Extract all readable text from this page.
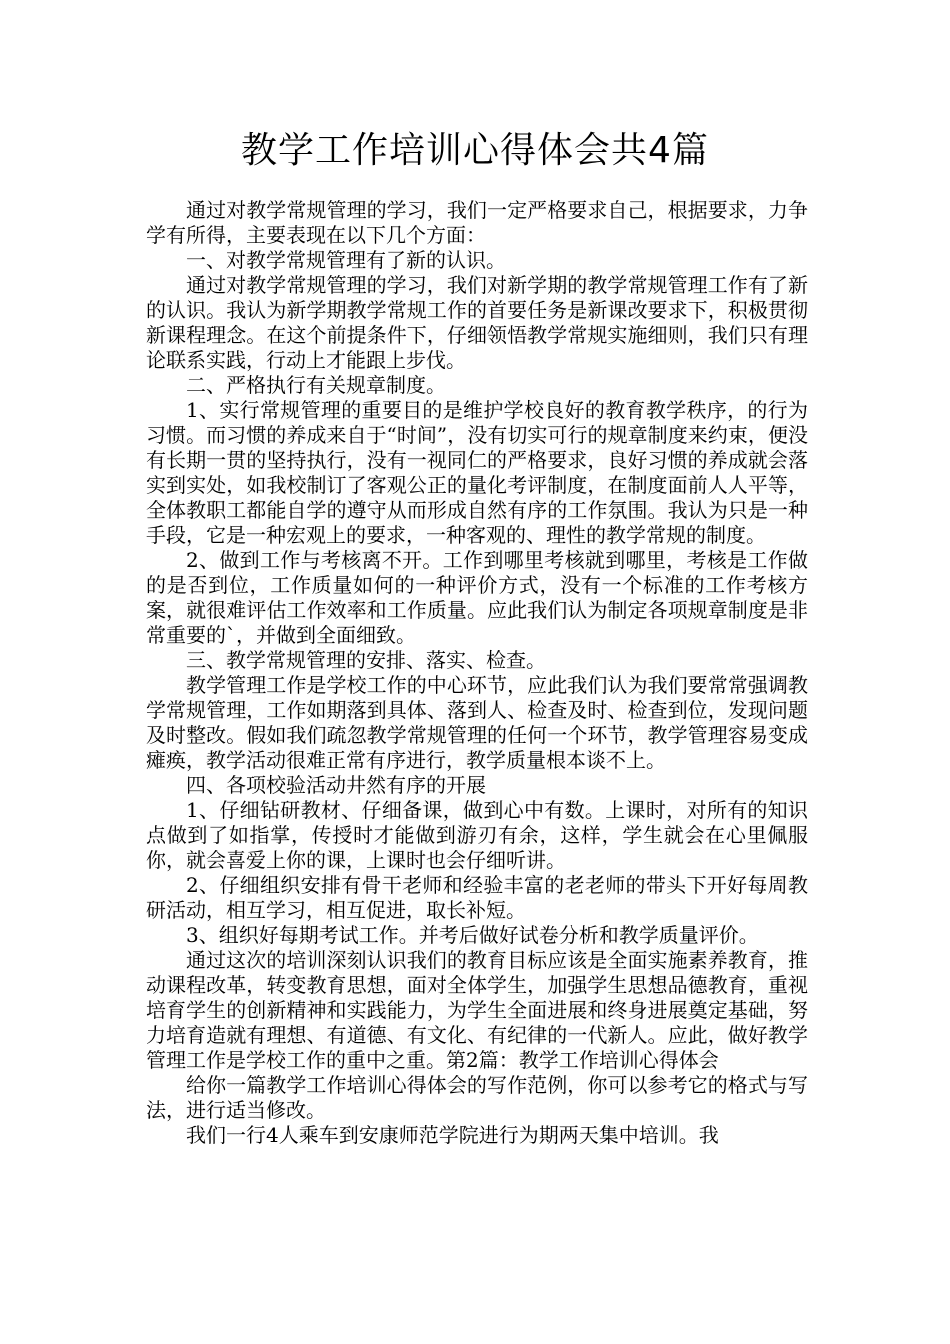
教学工作培训心得体会共4篇

通过对教学常规管理的学习，我们一定严格要求自己，根据要求，力争学有所得，主要表现在以下几个方面：

一、对教学常规管理有了新的认识。

通过对教学常规管理的学习，我们对新学期的教学常规管理工作有了新的认识。我认为新学期教学常规工作的首要任务是新课改要求下，积极贯彻新课程理念。在这个前提条件下，仔细领悟教学常规实施细则，我们只有理论联系实践，行动上才能跟上步伐。

二、严格执行有关规章制度。

1、实行常规管理的重要目的是维护学校良好的教育教学秩序，的行为习惯。而习惯的养成来自于“时间”，没有切实可行的规章制度来约束，便没有长期一贯的坚持执行，没有一视同仁的严格要求，良好习惯的养成就会落实到实处，如我校制订了客观公正的量化考评制度，在制度面前人人平等，全体教职工都能自学的遵守从而形成自然有序的工作氛围。我认为只是一种手段，它是一种宏观上的要求，一种客观的、理性的教学常规的制度。

2、做到工作与考核离不开。工作到哪里考核就到哪里，考核是工作做的是否到位，工作质量如何的一种评价方式，没有一个标准的工作考核方案，就很难评估工作效率和工作质量。应此我们认为制定各项规章制度是非常重要的`，并做到全面细致。

三、教学常规管理的安排、落实、检查。

教学管理工作是学校工作的中心环节，应此我们认为我们要常常强调教学常规管理，工作如期落到具体、落到人、检查及时、检查到位，发现问题及时整改。假如我们疏忽教学常规管理的任何一个环节，教学管理容易变成瘫痪，教学活动很难正常有序进行，教学质量根本谈不上。

四、各项校验活动井然有序的开展

1、仔细钻研教材、仔细备课，做到心中有数。上课时，对所有的知识点做到了如指掌，传授时才能做到游刃有余，这样，学生就会在心里佩服你，就会喜爱上你的课，上课时也会仔细听讲。

2、仔细组织安排有骨干老师和经验丰富的老老师的带头下开好每周教研活动，相互学习，相互促进，取长补短。

3、组织好每期考试工作。并考后做好试卷分析和教学质量评价。

通过这次的培训深刻认识我们的教育目标应该是全面实施素养教育，推动课程改革，转变教育思想，面对全体学生，加强学生思想品德教育，重视培育学生的创新精神和实践能力，为学生全面进展和终身进展奠定基础，努力培育造就有理想、有道德、有文化、有纪律的一代新人。应此，做好教学管理工作是学校工作的重中之重。第2篇：教学工作培训心得体会

给你一篇教学工作培训心得体会的写作范例，你可以参考它的格式与写法，进行适当修改。

我们一行4人乘车到安康师范学院进行为期两天集中培训。我
